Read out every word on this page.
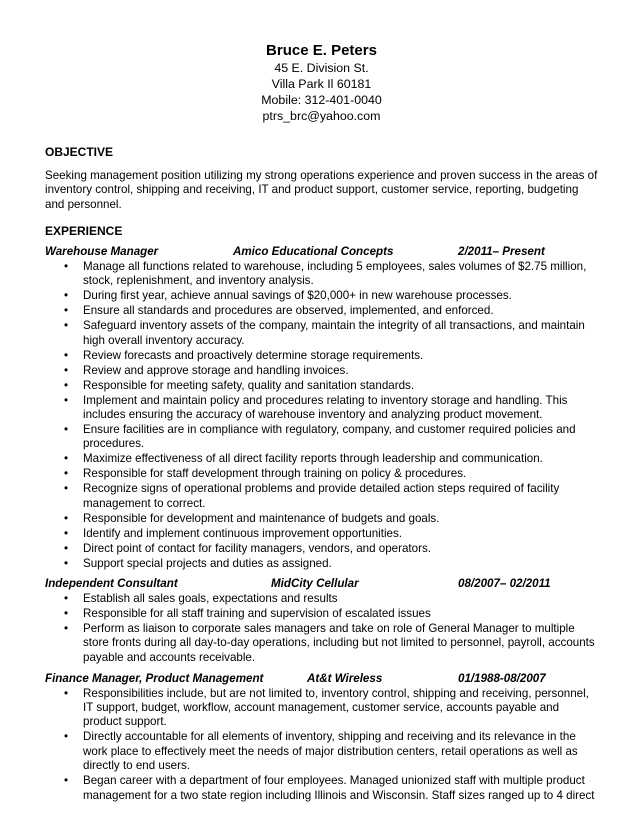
Bruce E. Peters
45 E. Division St.
Villa Park Il 60181
Mobile: 312-401-0040
ptrs_brc@yahoo.com
OBJECTIVE
Seeking management position utilizing my strong operations experience and proven success in the areas of inventory control, shipping and receiving, IT and product support, customer service, reporting, budgeting and personnel.
EXPERIENCE
Warehouse Manager	Amico Educational Concepts	2/2011– Present
• Manage all functions related to warehouse, including 5 employees, sales volumes of $2.75 million, stock, replenishment, and inventory analysis.
• During first year, achieve annual savings of $20,000+ in new warehouse processes.
• Ensure all standards and procedures are observed, implemented, and enforced.
• Safeguard inventory assets of the company, maintain the integrity of all transactions, and maintain high overall inventory accuracy.
• Review forecasts and proactively determine storage requirements.
• Review and approve storage and handling invoices.
• Responsible for meeting safety, quality and sanitation standards.
• Implement and maintain policy and procedures relating to inventory storage and handling. This includes ensuring the accuracy of warehouse inventory and analyzing product movement.
• Ensure facilities are in compliance with regulatory, company, and customer required policies and procedures.
• Maximize effectiveness of all direct facility reports through leadership and communication.
• Responsible for staff development through training on policy & procedures.
• Recognize signs of operational problems and provide detailed action steps required of facility management to correct.
• Responsible for development and maintenance of budgets and goals.
• Identify and implement continuous improvement opportunities.
• Direct point of contact for facility managers, vendors, and operators.
• Support special projects and duties as assigned.
Independent Consultant	MidCity Cellular	08/2007– 02/2011
• Establish all sales goals, expectations and results
• Responsible for all staff training and supervision of escalated issues
• Perform as liaison to corporate sales managers and take on role of General Manager to multiple store fronts during all day-to-day operations, including but not limited to personnel, payroll, accounts payable and accounts receivable.
Finance Manager, Product Management	At&t Wireless	01/1988-08/2007
• Responsibilities include, but are not limited to, inventory control, shipping and receiving, personnel, IT support, budget, workflow, account management, customer service, accounts payable and product support.
• Directly accountable for all elements of inventory, shipping and receiving and its relevance in the work place to effectively meet the needs of major distribution centers, retail operations as well as directly to end users.
• Began career with a department of four employees. Managed unionized staff with multiple product management for a two state region including Illinois and Wisconsin. Staff sizes ranged up to 4 direct
